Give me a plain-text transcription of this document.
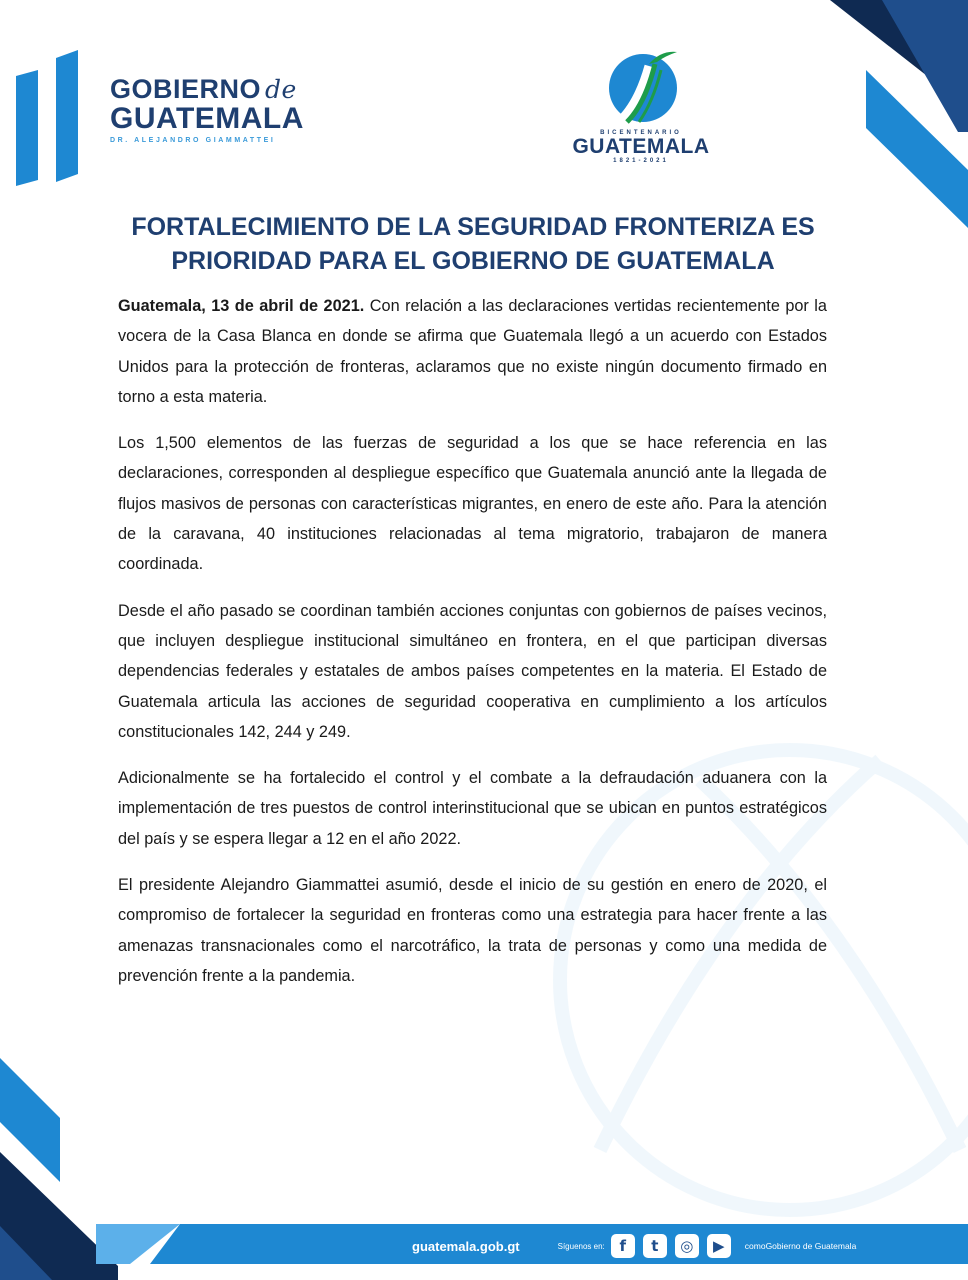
GOBIERNO de
GUATEMALA
DR. ALEJANDRO GIAMMATTEI
BICENTENARIO
GUATEMALA
1821-2021
FORTALECIMIENTO DE LA SEGURIDAD FRONTERIZA ES
PRIORIDAD PARA EL GOBIERNO DE GUATEMALA

Guatemala, 13 de abril de 2021. Con relación a las declaraciones vertidas recientemente por la vocera de la Casa Blanca en donde se afirma que Guatemala llegó a un acuerdo con Estados Unidos para la protección de fronteras, aclaramos que no existe ningún documento firmado en torno a esta materia.

Los 1,500 elementos de las fuerzas de seguridad a los que se hace referencia en las declaraciones, corresponden al despliegue específico que Guatemala anunció ante la llegada de flujos masivos de personas con características migrantes, en enero de este año. Para la atención de la caravana, 40 instituciones relacionadas al tema migratorio, trabajaron de manera coordinada.

Desde el año pasado se coordinan también acciones conjuntas con gobiernos de países vecinos, que incluyen despliegue institucional simultáneo en frontera, en el que participan diversas dependencias federales y estatales de ambos países competentes en la materia. El Estado de Guatemala articula las acciones de seguridad cooperativa en cumplimiento a los artículos constitucionales 142, 244 y 249.

Adicionalmente se ha fortalecido el control y el combate a la defraudación aduanera con la implementación de tres puestos de control interinstitucional que se ubican en puntos estratégicos del país y se espera llegar a 12 en el año 2022.

El presidente Alejandro Giammattei asumió, desde el inicio de su gestión en enero de 2020, el compromiso de fortalecer la seguridad en fronteras como una estrategia para hacer frente a las amenazas transnacionales como el narcotráfico, la trata de personas y como una medida de prevención frente a la pandemia.

guatemala.gob.gt	Síguenos en: f	t	◎	▶	comoGobierno de Guatemala
